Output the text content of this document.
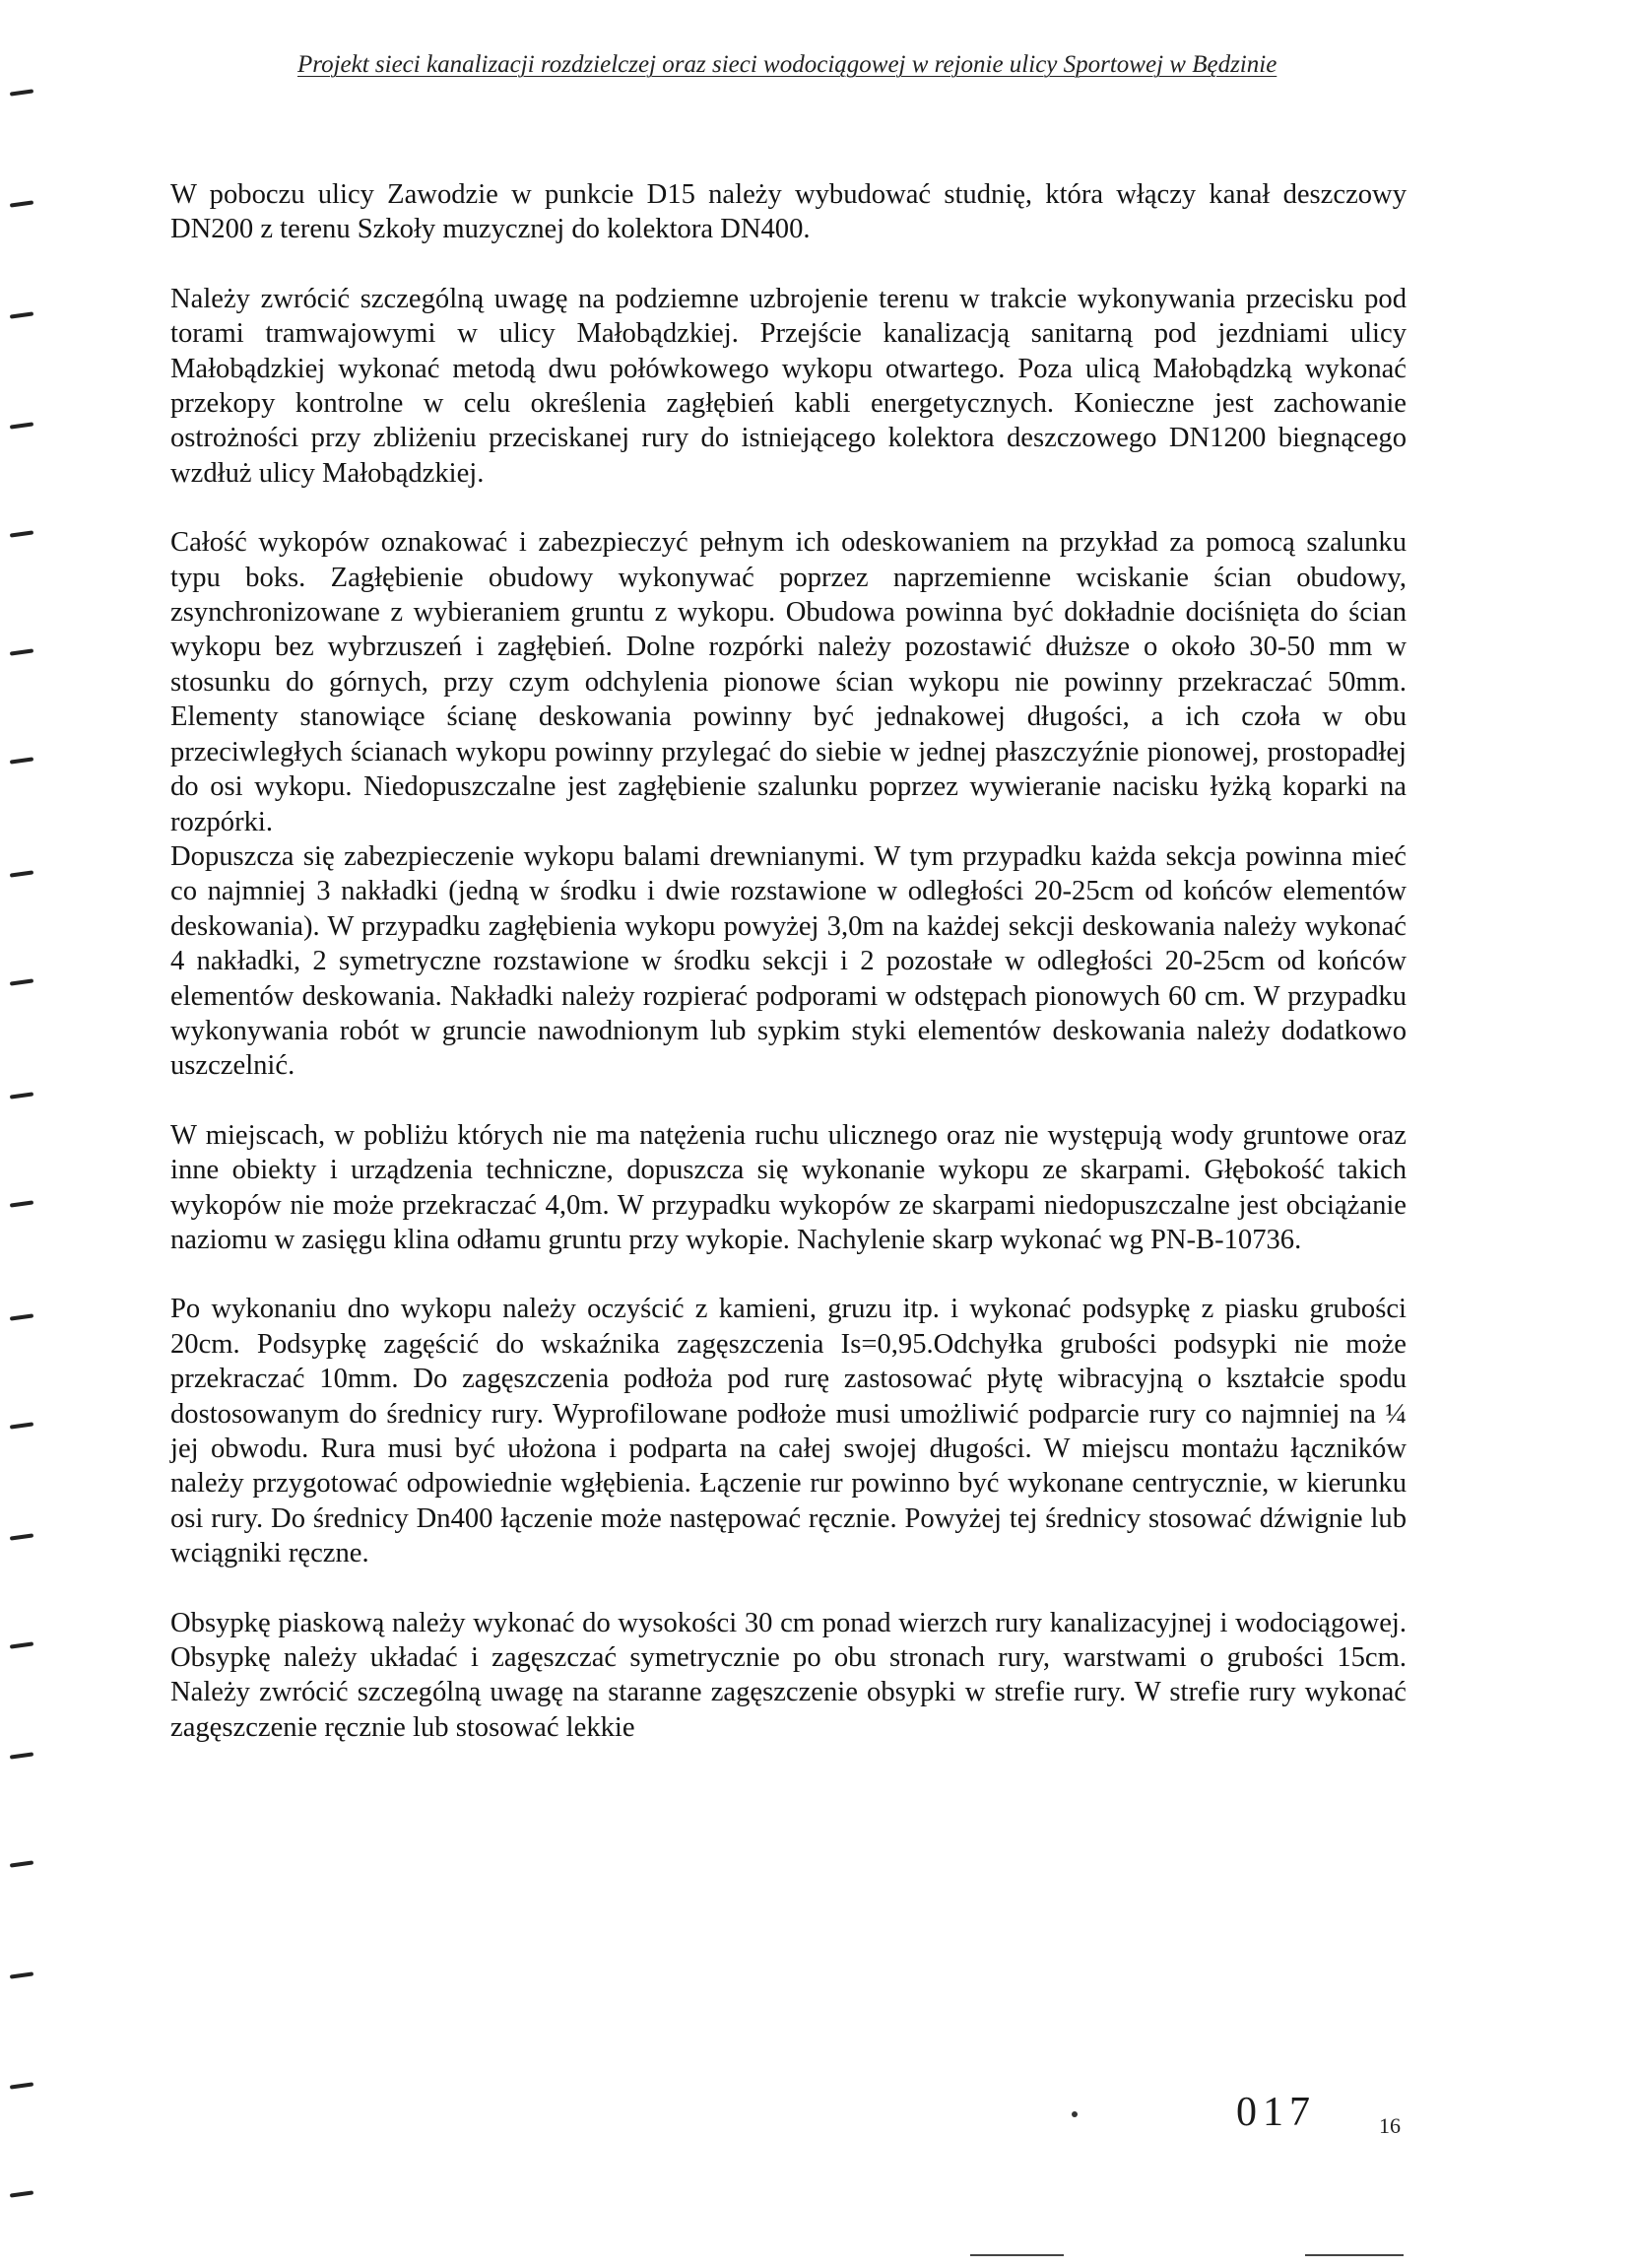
Projekt sieci kanalizacji rozdzielczej oraz sieci wodociągowej w rejonie ulicy Sportowej w Będzinie

W poboczu ulicy Zawodzie w punkcie D15 należy wybudować studnię, która włączy kanał deszczowy DN200 z terenu Szkoły muzycznej do kolektora DN400.

Należy zwrócić szczególną uwagę na podziemne uzbrojenie terenu w trakcie wykonywania przecisku pod torami tramwajowymi w ulicy Małobądzkiej. Przejście kanalizacją sanitarną pod jezdniami ulicy Małobądzkiej wykonać metodą dwu połówkowego wykopu otwartego. Poza ulicą Małobądzką wykonać przekopy kontrolne w celu określenia zagłębień kabli energetycznych. Konieczne jest zachowanie ostrożności przy zbliżeniu przeciskanej rury do istniejącego kolektora deszczowego DN1200 biegnącego wzdłuż ulicy Małobądzkiej.

Całość wykopów oznakować i zabezpieczyć pełnym ich odeskowaniem na przykład za pomocą szalunku typu boks. Zagłębienie obudowy wykonywać poprzez naprzemienne wciskanie ścian obudowy, zsynchronizowane z wybieraniem gruntu z wykopu. Obudowa powinna być dokładnie dociśnięta do ścian wykopu bez wybrzuszeń i zagłębień. Dolne rozpórki należy pozostawić dłuższe o około 30-50 mm w stosunku do górnych, przy czym odchylenia pionowe ścian wykopu nie powinny przekraczać 50mm. Elementy stanowiące ścianę deskowania powinny być jednakowej długości, a ich czoła w obu przeciwległych ścianach wykopu powinny przylegać do siebie w jednej płaszczyźnie pionowej, prostopadłej do osi wykopu. Niedopuszczalne jest zagłębienie szalunku poprzez wywieranie nacisku łyżką koparki na rozpórki.

Dopuszcza się zabezpieczenie wykopu balami drewnianymi. W tym przypadku każda sekcja powinna mieć co najmniej 3 nakładki (jedną w środku i dwie rozstawione w odległości 20-25cm od końców elementów deskowania). W przypadku zagłębienia wykopu powyżej 3,0m na każdej sekcji deskowania należy wykonać 4 nakładki, 2 symetryczne rozstawione w środku sekcji i 2 pozostałe w odległości 20-25cm od końców elementów deskowania. Nakładki należy rozpierać podporami w odstępach pionowych 60 cm. W przypadku wykonywania robót w gruncie nawodnionym lub sypkim styki elementów deskowania należy dodatkowo uszczelnić.

W miejscach, w pobliżu których nie ma natężenia ruchu ulicznego oraz nie występują wody gruntowe oraz inne obiekty i urządzenia techniczne, dopuszcza się wykonanie wykopu ze skarpami. Głębokość takich wykopów nie może przekraczać 4,0m. W przypadku wykopów ze skarpami niedopuszczalne jest obciążanie naziomu w zasięgu klina odłamu gruntu przy wykopie. Nachylenie skarp wykonać wg PN-B-10736.

Po wykonaniu dno wykopu należy oczyścić z kamieni, gruzu itp. i wykonać podsypkę z piasku grubości 20cm. Podsypkę zagęścić do wskaźnika zagęszczenia Is=0,95.Odchyłka grubości podsypki nie może przekraczać 10mm. Do zagęszczenia podłoża pod rurę zastosować płytę wibracyjną o kształcie spodu dostosowanym do średnicy rury. Wyprofilowane podłoże musi umożliwić podparcie rury co najmniej na ¼ jej obwodu. Rura musi być ułożona i podparta na całej swojej długości. W miejscu montażu łączników należy przygotować odpowiednie wgłębienia. Łączenie rur powinno być wykonane centrycznie, w kierunku osi rury. Do średnicy Dn400 łączenie może następować ręcznie. Powyżej tej średnicy stosować dźwignie lub wciągniki ręczne.

Obsypkę piaskową należy wykonać do wysokości 30 cm ponad wierzch rury kanalizacyjnej i wodociągowej. Obsypkę należy układać i zagęszczać symetrycznie po obu stronach rury, warstwami o grubości 15cm. Należy zwrócić szczególną uwagę na staranne zagęszczenie obsypki w strefie rury. W strefie rury wykonać zagęszczenie ręcznie lub stosować lekkie

017	16
